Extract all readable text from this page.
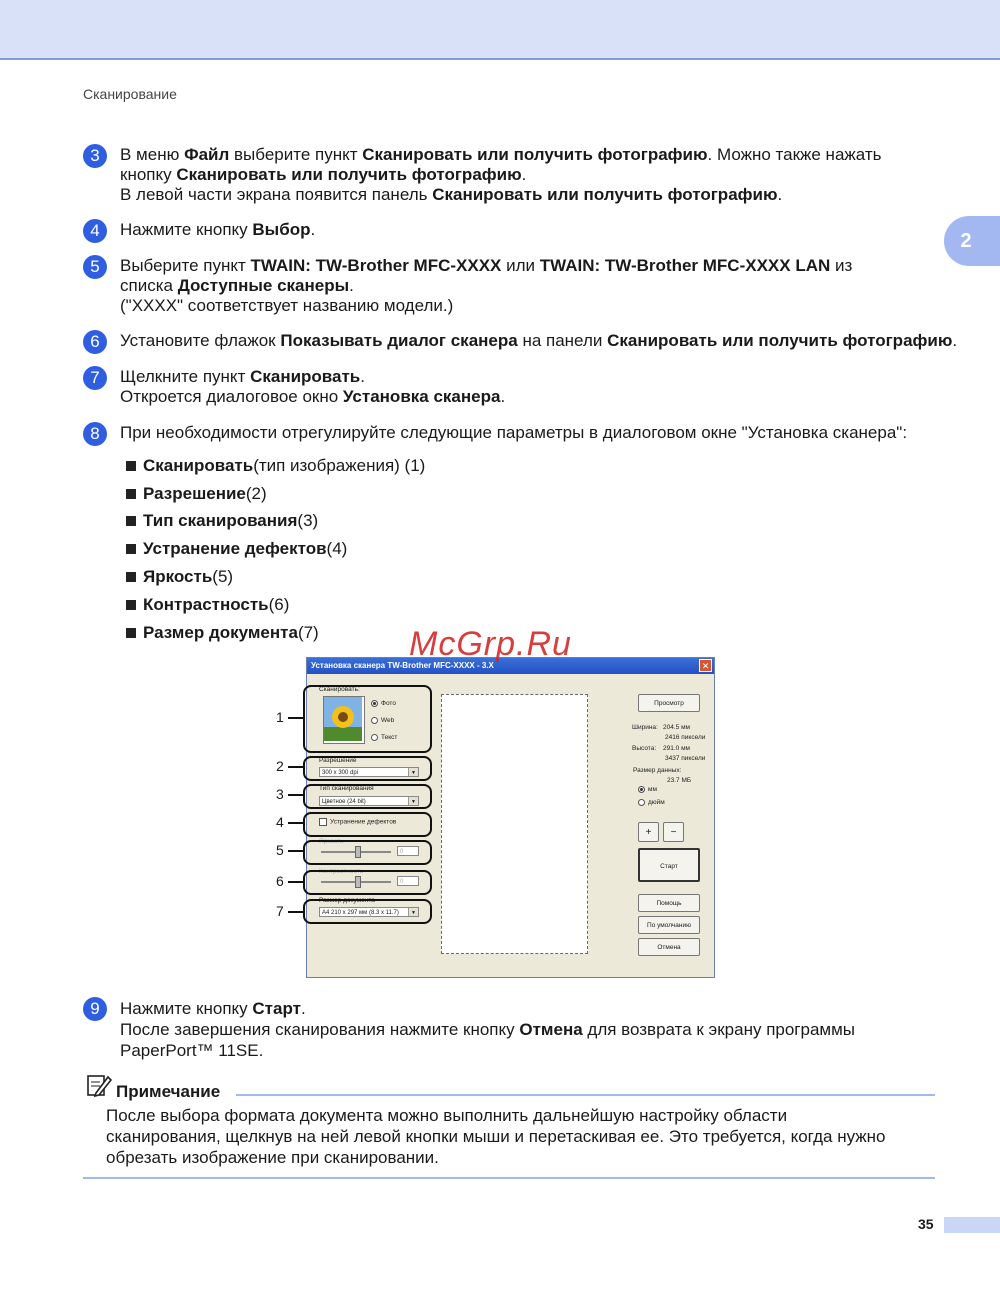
Сканирование
2
3	В меню Файл выберите пункт Сканировать или получить фотографию. Можно также нажать
кнопку Сканировать или получить фотографию.
В левой части экрана появится панель Сканировать или получить фотографию.
4	Нажмите кнопку Выбор.
5	Выберите пункт TWAIN: TW-Brother MFC-XXXX или TWAIN: TW-Brother MFC-XXXX LAN из
списка Доступные сканеры.
("XXXX" соответствует названию модели.)
6	Установите флажок Показывать диалог сканера на панели Сканировать или получить фотографию.
7	Щелкните пункт Сканировать.
Откроется диалоговое окно Установка сканера.
8	При необходимости отрегулируйте следующие параметры в диалоговом окне "Установка сканера":
Сканировать (тип изображения) (1)
Разрешение (2)
Тип сканирования (3)
Устранение дефектов (4)
Яркость (5)
Контрастность (6)
Размер документа (7)
Установка сканера TW-Brother MFC-XXXX - 3.X	✕
Сканировать:
Фото
Web
Текст
Разрешение
300 x 300 dpi	▼
Тип сканирования
Цветное (24 bit)	▼
Устранение дефектов
Яркость
0
Контрастность
0
Размер документа
A4 210 x 297 мм (8.3 x 11.7)	▼
Просмотр
Ширина: 204.5 мм
2416 пиксели
Высота: 291.0 мм
3437 пиксели
Размер данных:
23.7 МБ
мм
дюйм
+	−
Старт
Помощь
По умолчанию
Отмена
1
2
3
4
5
6
7
McGrp.Ru
9	Нажмите кнопку Старт.
После завершения сканирования нажмите кнопку Отмена для возврата к экрану программы
PaperPort™ 11SE.
Примечание
После выбора формата документа можно выполнить дальнейшую настройку области
сканирования, щелкнув на ней левой кнопки мыши и перетаскивая ее. Это требуется, когда нужно
обрезать изображение при сканировании.
35
